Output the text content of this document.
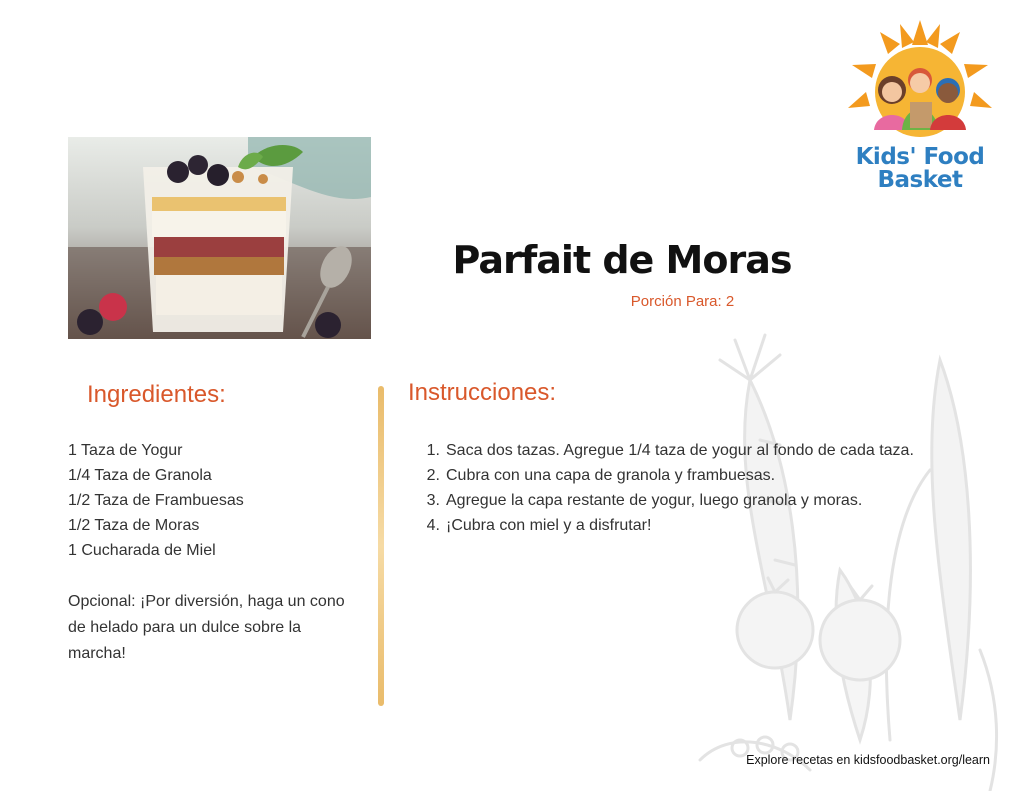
Kids' Food
Basket
Parfait de Moras
Porción Para: 2
Ingredientes:	Instrucciones:
1 Taza de Yogur
1/4 Taza de Granola
1/2 Taza de Frambuesas
1/2 Taza de Moras
1 Cucharada de Miel

Opcional: ¡Por diversión, haga un cono de helado para un dulce sobre la marcha!

1. Saca dos tazas. Agregue 1/4 taza de yogur al fondo de cada taza.
2. Cubra con una capa de granola y frambuesas.
3. Agregue la capa restante de yogur, luego granola y moras.
4. ¡Cubra con miel y a disfrutar!
Explore recetas en kidsfoodbasket.org/learn
